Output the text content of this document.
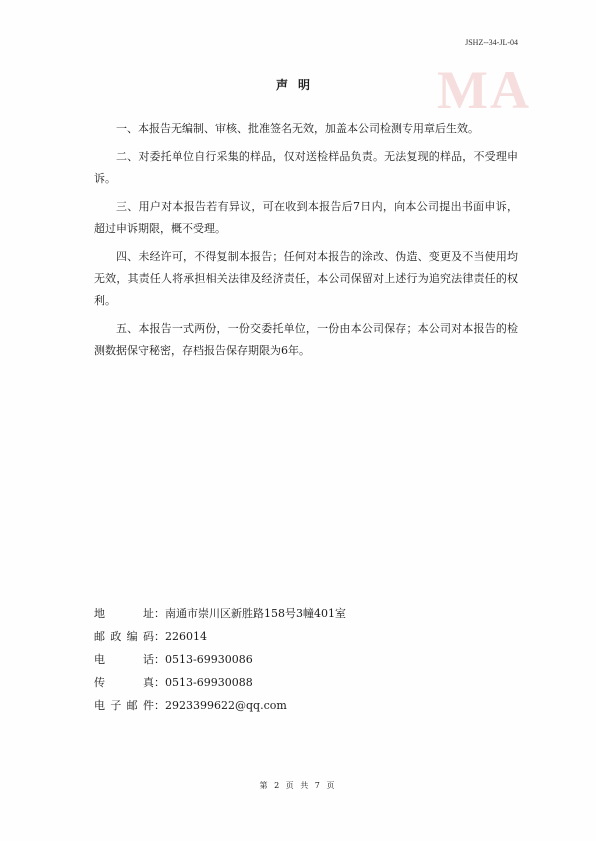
JSHZ--34-JL-04
MA
声明

一、本报告无编制、审核、批准签名无效，加盖本公司检测专用章后生效。

二、对委托单位自行采集的样品，仅对送检样品负责。无法复现的样品，不受理申诉。

三、用户对本报告若有异议，可在收到本报告后7日内，向本公司提出书面申诉，超过申诉期限，概不受理。

四、未经许可，不得复制本报告；任何对本报告的涂改、伪造、变更及不当使用均无效，其责任人将承担相关法律及经济责任，本公司保留对上述行为追究法律责任的权利。

五、本报告一式两份，一份交委托单位，一份由本公司保存；本公司对本报告的检测数据保守秘密，存档报告保存期限为6年。

地 址 ： 南通市崇川区新胜路158号3幢401室
邮政编码 ： 226014
电 话 ： 0513-69930086
传 真 ： 0513-69930088
电子邮件 ： 2923399622@qq.com
第 2 页 共 7 页
